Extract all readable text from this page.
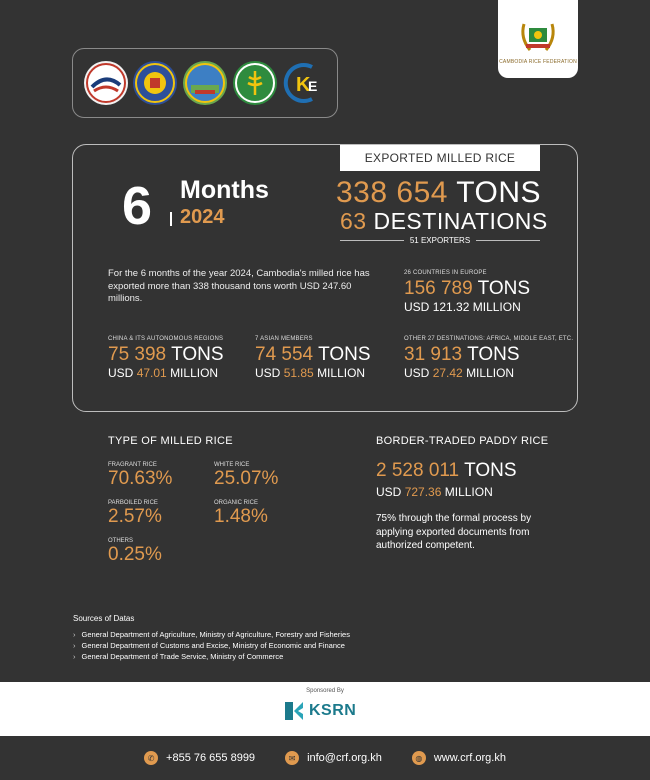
K
E
CAMBODIA RICE FEDERATION
EXPORTED MILLED RICE
6 Months
2024
338 654 TONS
63 DESTINATIONS
51 EXPORTERS
For the 6 months of the year 2024, Cambodia's milled rice has exported more than 338 thousand tons worth USD 247.60 millions.
26 COUNTRIES IN EUROPE
156 789 TONS
USD 121.32 MILLION
CHINA & ITS AUTONOMOUS REGIONS
75 398 TONS
USD 47.01 MILLION
7 ASIAN MEMBERS
74 554 TONS
USD 51.85 MILLION
OTHER 27 DESTINATIONS: AFRICA, MIDDLE EAST, ETC.
31 913 TONS
USD 27.42 MILLION
TYPE OF MILLED RICE
FRAGRANT RICE
70.63%
WHITE RICE
25.07%
PARBOILED RICE
2.57%
ORGANIC RICE
1.48%
OTHERS
0.25%
BORDER-TRADED PADDY RICE
2 528 011 TONS
USD 727.36 MILLION
75% through the formal process by applying exported documents from authorized competent.
Sources of Datas
› General Department of Agriculture, Ministry of Agriculture, Forestry and Fisheries
› General Department of Customs and Excise, Ministry of Economic and Finance
› General Department of Trade Service, Ministry of Commerce
Sponsored By
KSRN
✆	+855 76 655 8999	✉	info@crf.org.kh	◍	www.crf.org.kh
